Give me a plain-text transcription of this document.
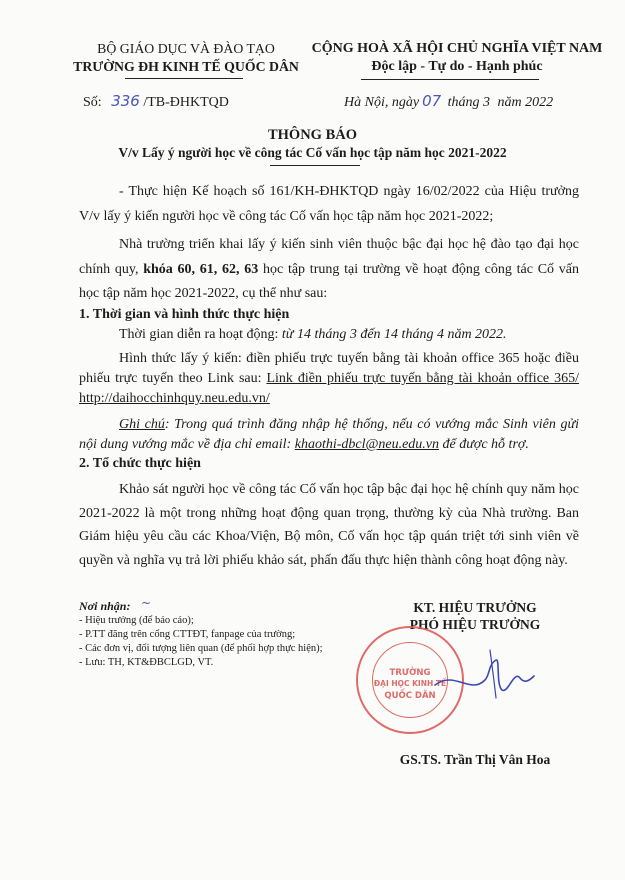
BỘ GIÁO DỤC VÀ ĐÀO TẠO
TRƯỜNG ĐH KINH TẾ QUỐC DÂN
CỘNG HOÀ XÃ HỘI CHỦ NGHĨA VIỆT NAM
Độc lập - Tự do - Hạnh phúc
Số: 336 /TB-ĐHKTQD	Hà Nội, ngày 07 tháng 3 năm 2022
THÔNG BÁO
V/v Lấy ý người học về công tác Cố vấn học tập năm học 2021-2022
- Thực hiện Kế hoạch số 161/KH-ĐHKTQD ngày 16/02/2022 của Hiệu trưởng V/v lấy ý kiến người học về công tác Cố vấn học tập năm học 2021-2022;
Nhà trường triển khai lấy ý kiến sinh viên thuộc bậc đại học hệ đào tạo đại học chính quy, khóa 60, 61, 62, 63 học tập trung tại trường về hoạt động công tác Cố vấn học tập năm học 2021-2022, cụ thể như sau:
1. Thời gian và hình thức thực hiện
Thời gian diễn ra hoạt động: từ 14 tháng 3 đến 14 tháng 4 năm 2022.
Hình thức lấy ý kiến: điền phiếu trực tuyến bằng tài khoản office 365 hoặc điều phiếu trực tuyến theo Link sau: Link điền phiếu trực tuyến bằng tài khoản office 365/ http://daihocchinhquy.neu.edu.vn/
Ghi chú: Trong quá trình đăng nhập hệ thống, nếu có vướng mắc Sinh viên gửi nội dung vướng mắc về địa chỉ email: khaothi-dbcl@neu.edu.vn để được hỗ trợ.
2. Tổ chức thực hiện
Khảo sát người học về công tác Cố vấn học tập bậc đại học hệ chính quy năm học 2021-2022 là một trong những hoạt động quan trọng, thường kỳ của Nhà trường. Ban Giám hiệu yêu cầu các Khoa/Viện, Bộ môn, Cố vấn học tập quán triệt tới sinh viên về quyền và nghĩa vụ trả lời phiếu khảo sát, phấn đấu thực hiện thành công hoạt động này.
Nơi nhận: ~
- Hiệu trưởng (để báo cáo);
- P.TT đăng trên cổng CTTĐT, fanpage của trường;
- Các đơn vị, đối tượng liên quan (để phối hợp thực hiện);
- Lưu: TH, KT&ĐBCLGD, VT.
KT. HIỆU TRƯỞNG
PHÓ HIỆU TRƯỞNG
TRƯỜNG
ĐẠI HỌC KINH TẾ
QUỐC DÂN
GS.TS. Trần Thị Vân Hoa
